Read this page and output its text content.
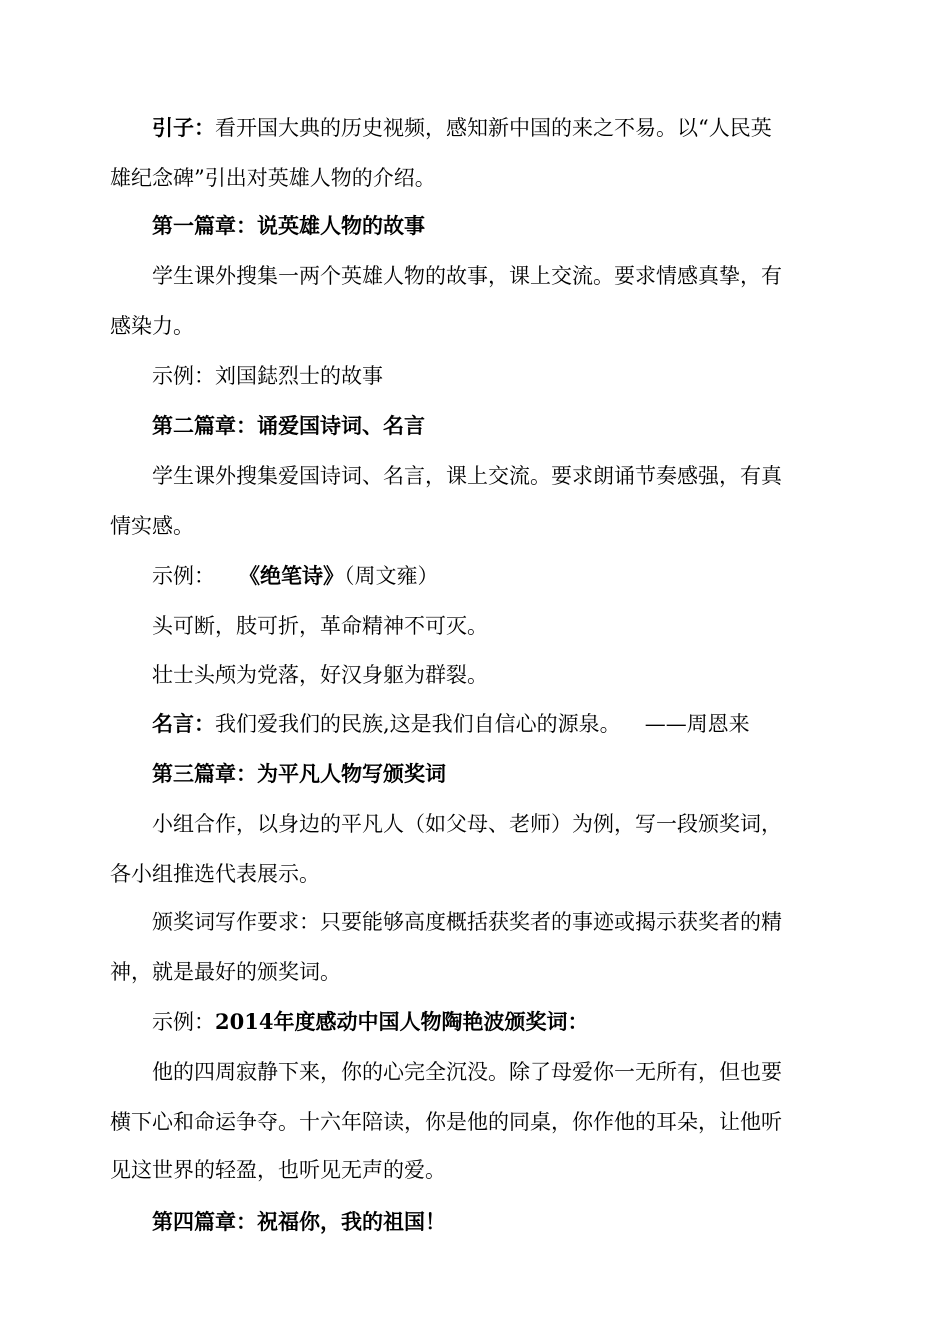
引子：看开国大典的历史视频，感知新中国的来之不易。以“人民英

雄纪念碑”引出对英雄人物的介绍。

第一篇章：说英雄人物的故事

学生课外搜集一两个英雄人物的故事，课上交流。要求情感真挚，有

感染力。

示例：刘国鋕烈士的故事

第二篇章：诵爱国诗词、名言

学生课外搜集爱国诗词、名言，课上交流。要求朗诵节奏感强，有真

情实感。

示例： 《绝笔诗》（周文雍）

头可断，肢可折，革命精神不可灭。

壮士头颅为党落，好汉身躯为群裂。

名言：我们爱我们的民族,这是我们自信心的源泉。 ——周恩来

第三篇章：为平凡人物写颁奖词

小组合作，以身边的平凡人（如父母、老师）为例，写一段颁奖词，

各小组推选代表展示。

颁奖词写作要求：只要能够高度概括获奖者的事迹或揭示获奖者的精

神，就是最好的颁奖词。

示例：2014年度感动中国人物陶艳波颁奖词：

他的四周寂静下来，你的心完全沉没。除了母爱你一无所有，但也要

横下心和命运争夺。十六年陪读，你是他的同桌，你作他的耳朵，让他听

见这世界的轻盈，也听见无声的爱。

第四篇章：祝福你，我的祖国！
